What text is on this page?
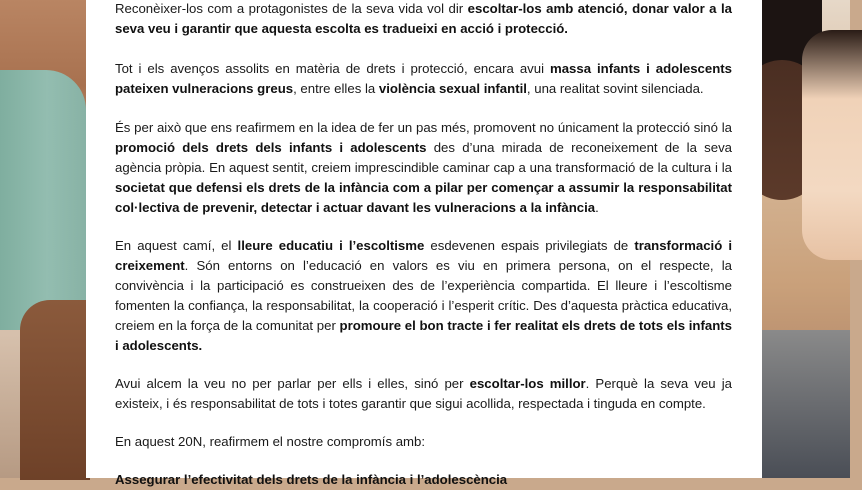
Reconèixer-los com a protagonistes de la seva vida vol dir escoltar-los amb atenció, donar valor a la seva veu i garantir que aquesta escolta es tradueixi en acció i protecció.

Tot i els avenços assolits en matèria de drets i protecció, encara avui massa infants i adolescents pateixen vulneracions greus, entre elles la violència sexual infantil, una realitat sovint silenciada.

És per això que ens reafirmem en la idea de fer un pas més, promovent no únicament la protecció sinó la promoció dels drets dels infants i adolescents des d’una mirada de reconeixement de la seva agència pròpia. En aquest sentit, creiem imprescindible caminar cap a una transformació de la cultura i la societat que defensi els drets de la infància com a pilar per començar a assumir la responsabilitat col·lectiva de prevenir, detectar i actuar davant les vulneracions a la infància.

En aquest camí, el lleure educatiu i l’escoltisme esdevenen espais privilegiats de transformació i creixement. Són entorns on l’educació en valors es viu en primera persona, on el respecte, la convivència i la participació es construeixen des de l’experiència compartida. El lleure i l’escoltisme fomenten la confiança, la responsabilitat, la cooperació i l’esperit crític. Des d’aquesta pràctica educativa, creiem en la força de la comunitat per promoure el bon tracte i fer realitat els drets de tots els infants i adolescents.

Avui alcem la veu no per parlar per ells i elles, sinó per escoltar-los millor. Perquè la seva veu ja existeix, i és responsabilitat de tots i totes garantir que sigui acollida, respectada i tinguda en compte.

En aquest 20N, reafirmem el nostre compromís amb:

Assegurar l’efectivitat dels drets de la infància i l’adolescència
